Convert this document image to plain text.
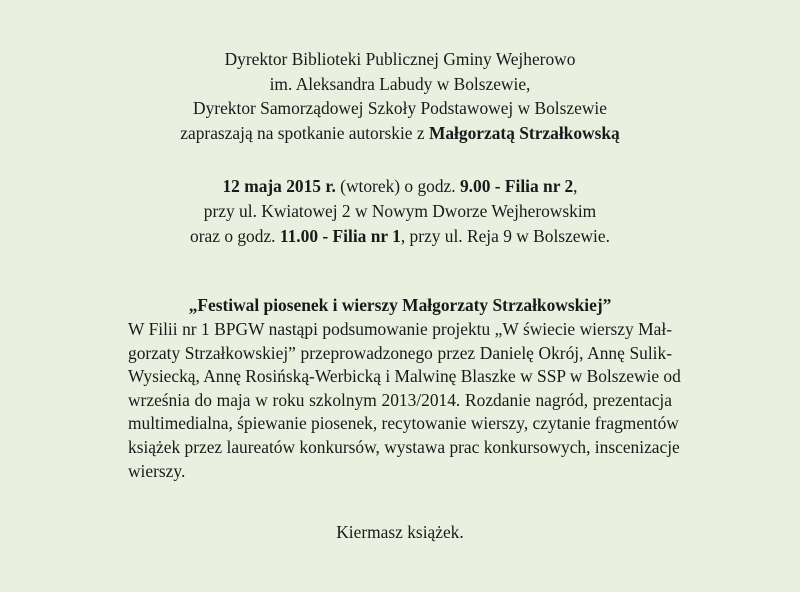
Dyrektor Biblioteki Publicznej Gminy Wejherowo
im. Aleksandra Labudy w Bolszewie,
Dyrektor Samorządowej Szkoły Podstawowej w Bolszewie
zapraszają na spotkanie autorskie z Małgorzatą Strzałkowską
12 maja 2015 r. (wtorek) o godz. 9.00 - Filia nr 2,
przy ul. Kwiatowej 2 w Nowym Dworze Wejherowskim
oraz o godz. 11.00 - Filia nr 1, przy ul. Reja 9 w Bolszewie.
„Festiwal piosenek i wierszy Małgorzaty Strzałkowskiej”
W Filii nr 1 BPGW nastąpi podsumowanie projektu „W świecie wierszy Mał-
gorzaty Strzałkowskiej” przeprowadzonego przez Danielę Okrój, Annę Sulik-
Wysiecką, Annę Rosińską-Werbicką i Malwinę Blaszke w SSP w Bolszewie od
września do maja w roku szkolnym 2013/2014. Rozdanie nagród, prezentacja
multimedialna, śpiewanie piosenek, recytowanie wierszy, czytanie fragmentów
książek przez laureatów konkursów, wystawa prac konkursowych, inscenizacje
wierszy.
Kiermasz książek.
